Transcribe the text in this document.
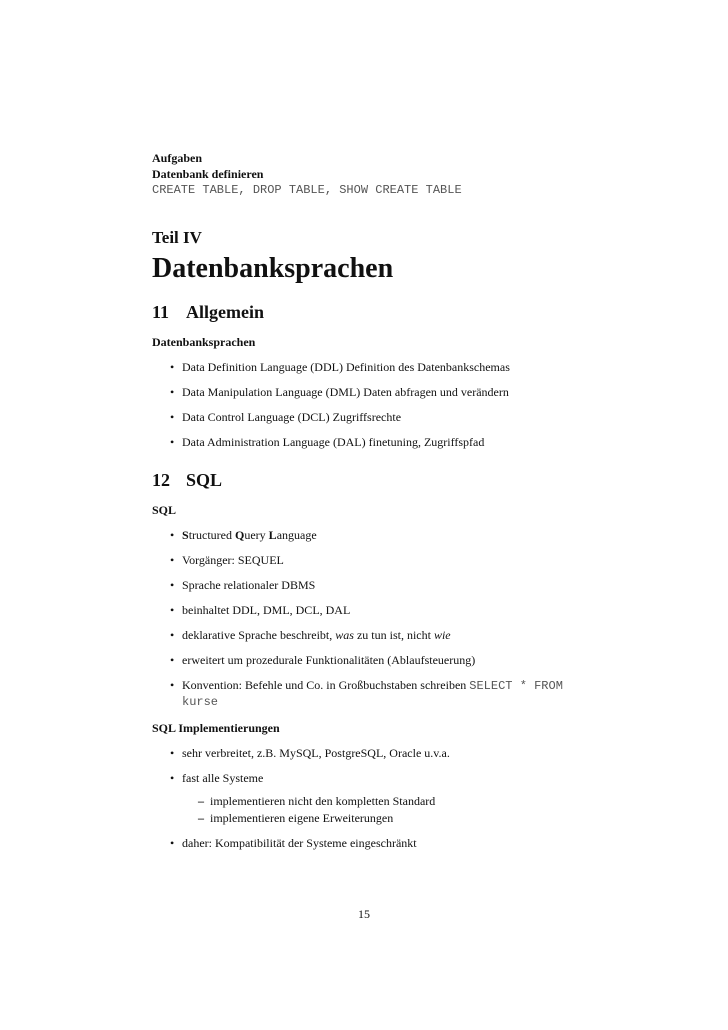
Aufgaben
Datenbank definieren
CREATE TABLE, DROP TABLE, SHOW CREATE TABLE
Teil IV
Datenbanksprachen
11 Allgemein
Datenbanksprachen
• Data Definition Language (DDL) Definition des Datenbankschemas
• Data Manipulation Language (DML) Daten abfragen und verändern
• Data Control Language (DCL) Zugriffsrechte
• Data Administration Language (DAL) finetuning, Zugriffspfad
12 SQL
SQL
• Structured Query Language
• Vorgänger: SEQUEL
• Sprache relationaler DBMS
• beinhaltet DDL, DML, DCL, DAL
• deklarative Sprache beschreibt, was zu tun ist, nicht wie
• erweitert um prozedurale Funktionalitäten (Ablaufsteuerung)
• Konvention: Befehle und Co. in Großbuchstaben schreiben SELECT * FROM
kurse
SQL Implementierungen
• sehr verbreitet, z.B. MySQL, PostgreSQL, Oracle u.v.a.
• fast alle Systeme
– implementieren nicht den kompletten Standard
– implementieren eigene Erweiterungen
• daher: Kompatibilität der Systeme eingeschränkt
15
